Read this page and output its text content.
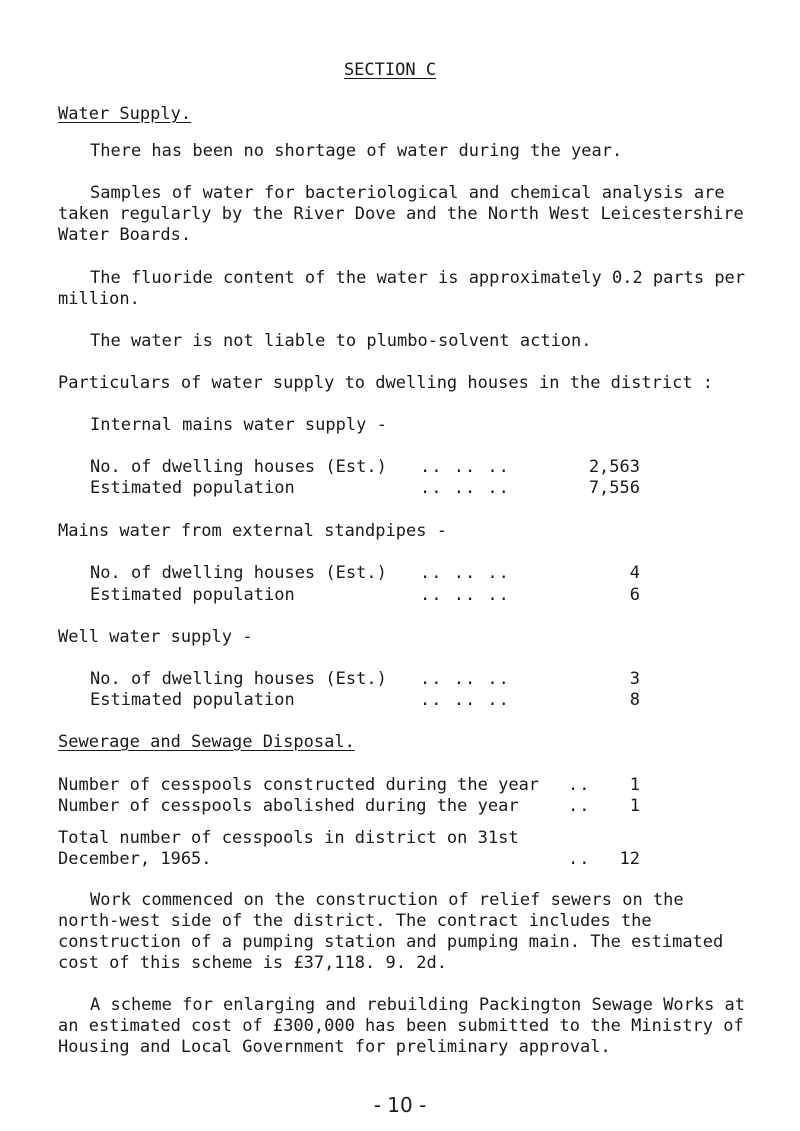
SECTION C
Water Supply.
There has been no shortage of water during the year.
Samples of water for bacteriological and chemical analysis are taken regularly by the River Dove and the North West Leicestershire Water Boards.
The fluoride content of the water is approximately 0.2 parts per million.
The water is not liable to plumbo-solvent action.
Particulars of water supply to dwelling houses in the district :
Internal mains water supply -
No. of dwelling houses (Est.) .. .. ..	2,563
Estimated population	.. .. ..	7,556
Mains water from external standpipes -
No. of dwelling houses (Est.) .. .. ..	4
Estimated population	.. .. ..	6
Well water supply -
No. of dwelling houses (Est.) .. .. ..	3
Estimated population	.. .. ..	8
Sewerage and Sewage Disposal.
Number of cesspools constructed during the year ..	1
Number of cesspools abolished during the year	..	1
Total number of cesspools in district on 31st
December, 1965.	..	12
Work commenced on the construction of relief sewers on the north-west side of the district. The contract includes the construction of a pumping station and pumping main. The estimated cost of this scheme is £37,118. 9. 2d.
A scheme for enlarging and rebuilding Packington Sewage Works at an estimated cost of £300,000 has been submitted to the Ministry of Housing and Local Government for preliminary approval.
- 10 -
